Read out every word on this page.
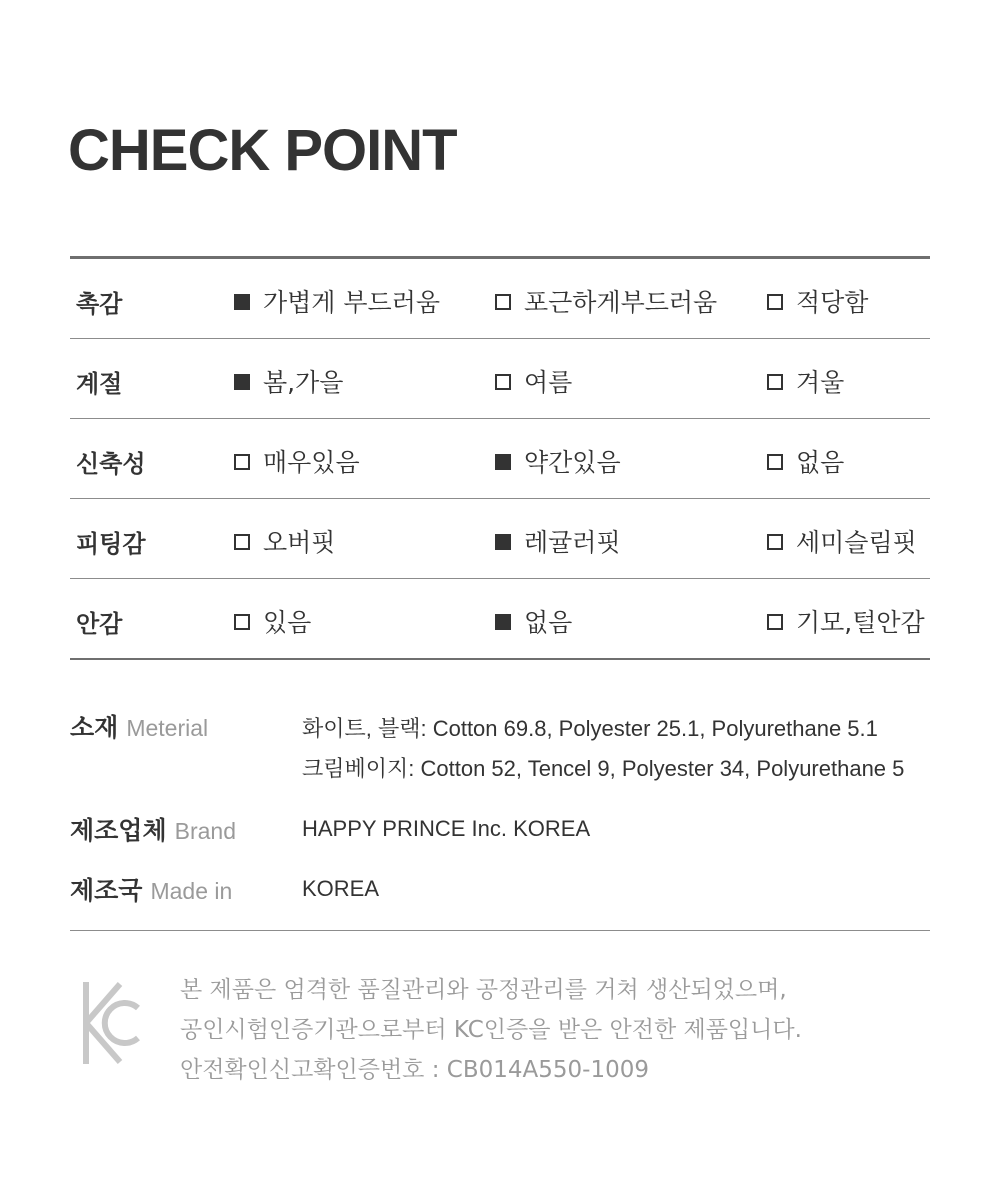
CHECK POINT
촉감	가볍게 부드러움	포근하게부드러움	적당함
계절	봄,가을	여름	겨울
신축성	매우있음	약간있음	없음
피팅감	오버핏	레귤러핏	세미슬림핏
안감	있음	없음	기모,털안감
소재 Meterial	화이트, 블랙: Cotton 69.8, Polyester 25.1, Polyurethane 5.1
크림베이지: Cotton 52, Tencel 9, Polyester 34, Polyurethane 5
제조업체 Brand	HAPPY PRINCE Inc. KOREA
제조국 Made in	KOREA
본 제품은 엄격한 품질관리와 공정관리를 거쳐 생산되었으며,
공인시험인증기관으로부터 KC인증을 받은 안전한 제품입니다.
안전확인신고확인증번호 : CB014A550-1009
